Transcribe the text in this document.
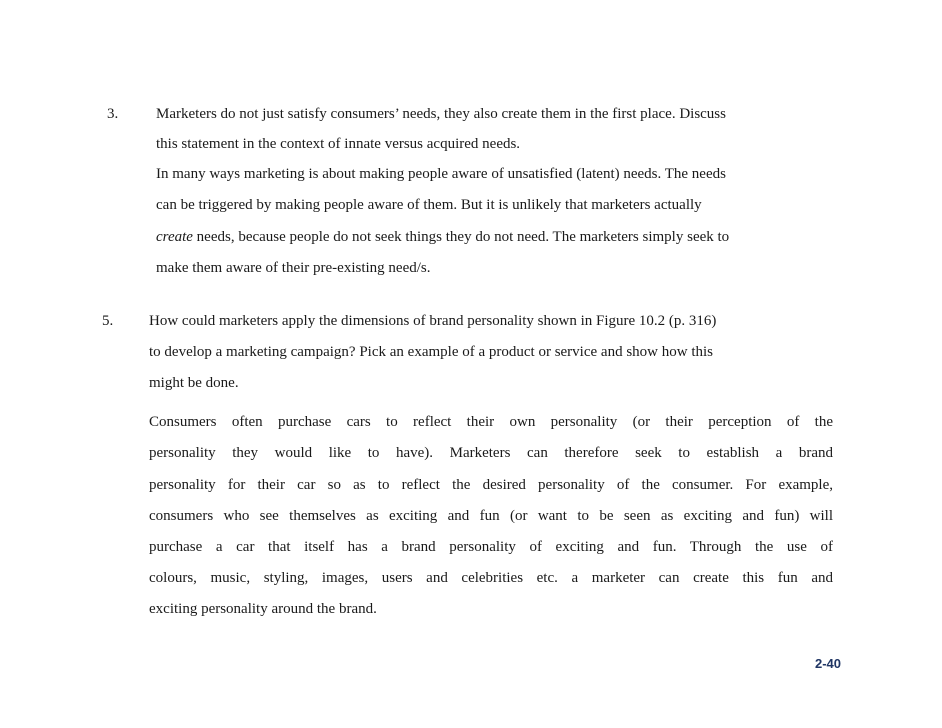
3.	Marketers do not just satisfy consumers’ needs, they also create them in the first place. Discuss
this statement in the context of innate versus acquired needs.
In many ways marketing is about making people aware of unsatisfied (latent) needs. The needs
can be triggered by making people aware of them. But it is unlikely that marketers actually
create needs, because people do not seek things they do not need. The marketers simply seek to
make them aware of their pre-existing need/s.
5. How could marketers apply the dimensions of brand personality shown in Figure 10.2 (p. 316)
to develop a marketing campaign? Pick an example of a product or service and show how this
might be done.
Consumers often purchase cars to reflect their own personality (or their perception of the
personality they would like to have). Marketers can therefore seek to establish a brand
personality for their car so as to reflect the desired personality of the consumer. For example,
consumers who see themselves as exciting and fun (or want to be seen as exciting and fun) will
purchase a car that itself has a brand personality of exciting and fun. Through the use of
colours, music, styling, images, users and celebrities etc. a marketer can create this fun and
exciting personality around the brand.
2-40
